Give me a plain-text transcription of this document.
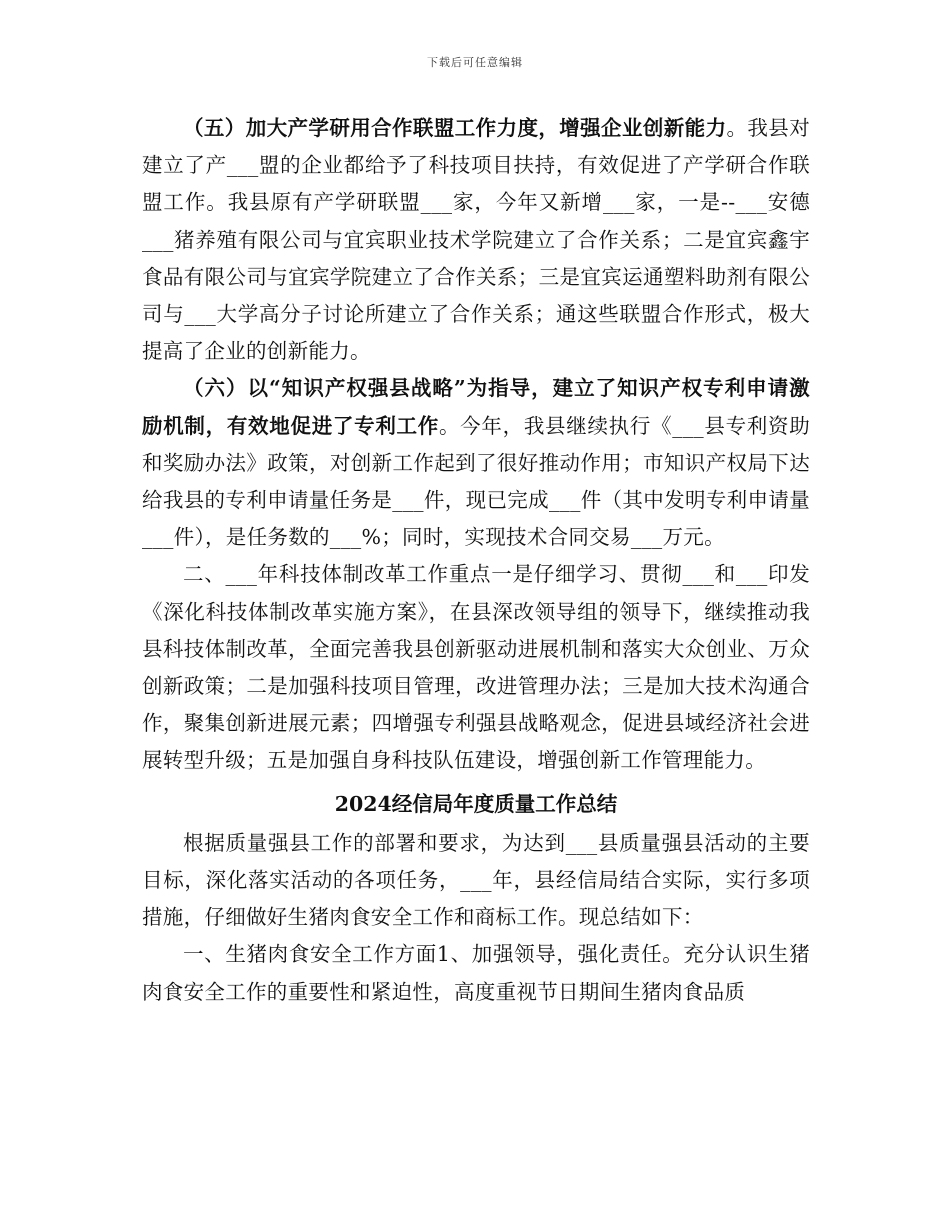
下载后可任意编辑

（五）加大产学研用合作联盟工作力度，增强企业创新能力。我县对建立了产___盟的企业都给予了科技项目扶持，有效促进了产学研合作联盟工作。我县原有产学研联盟___家，今年又新增___家，一是--___安德___猪养殖有限公司与宜宾职业技术学院建立了合作关系；二是宜宾鑫宇食品有限公司与宜宾学院建立了合作关系；三是宜宾运通塑料助剂有限公司与___大学高分子讨论所建立了合作关系；通这些联盟合作形式，极大提高了企业的创新能力。

（六）以“知识产权强县战略”为指导，建立了知识产权专利申请激励机制，有效地促进了专利工作。今年，我县继续执行《___县专利资助和奖励办法》政策，对创新工作起到了很好推动作用；市知识产权局下达给我县的专利申请量任务是___件，现已完成___件（其中发明专利申请量___件），是任务数的___%；同时，实现技术合同交易___万元。

二、___年科技体制改革工作重点一是仔细学习、贯彻___和___印发《深化科技体制改革实施方案》，在县深改领导组的领导下，继续推动我县科技体制改革，全面完善我县创新驱动进展机制和落实大众创业、万众创新政策；二是加强科技项目管理，改进管理办法；三是加大技术沟通合作，聚集创新进展元素；四增强专利强县战略观念，促进县域经济社会进展转型升级；五是加强自身科技队伍建设，增强创新工作管理能力。

2024经信局年度质量工作总结

根据质量强县工作的部署和要求，为达到___县质量强县活动的主要目标，深化落实活动的各项任务，___年，县经信局结合实际，实行多项措施，仔细做好生猪肉食安全工作和商标工作。现总结如下：

一、生猪肉食安全工作方面1、加强领导，强化责任。充分认识生猪肉食安全工作的重要性和紧迫性，高度重视节日期间生猪肉食品质
